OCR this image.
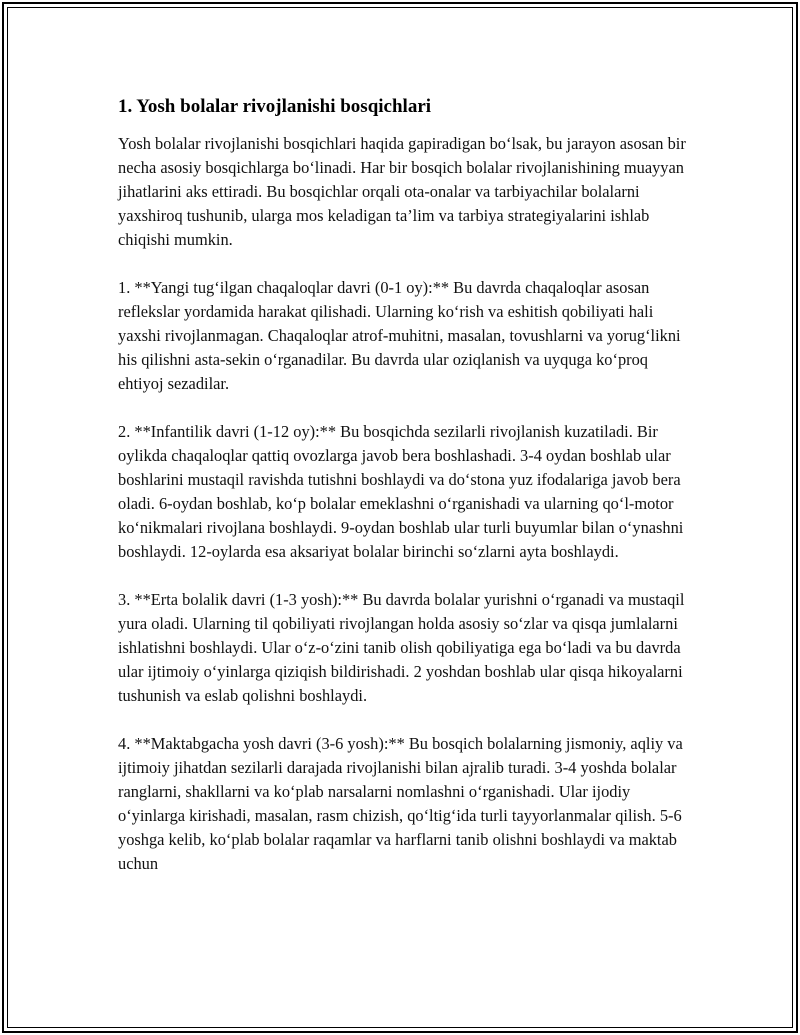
1. Yosh bolalar rivojlanishi bosqichlari

Yosh bolalar rivojlanishi bosqichlari haqida gapiradigan bo‘lsak, bu jarayon asosan bir necha asosiy bosqichlarga bo‘linadi. Har bir bosqich bolalar rivojlanishining muayyan jihatlarini aks ettiradi. Bu bosqichlar orqali ota-onalar va tarbiyachilar bolalarni yaxshiroq tushunib, ularga mos keladigan ta’lim va tarbiya strategiyalarini ishlab chiqishi mumkin.

1. **Yangi tug‘ilgan chaqaloqlar davri (0-1 oy):** Bu davrda chaqaloqlar asosan reflekslar yordamida harakat qilishadi. Ularning ko‘rish va eshitish qobiliyati hali yaxshi rivojlanmagan. Chaqaloqlar atrof-muhitni, masalan, tovushlarni va yorug‘likni his qilishni asta-sekin o‘rganadilar. Bu davrda ular oziqlanish va uyquga ko‘proq ehtiyoj sezadilar.

2. **Infantilik davri (1-12 oy):** Bu bosqichda sezilarli rivojlanish kuzatiladi. Bir oylikda chaqaloqlar qattiq ovozlarga javob bera boshlashadi. 3-4 oydan boshlab ular boshlarini mustaqil ravishda tutishni boshlaydi va do‘stona yuz ifodalariga javob bera oladi. 6-oydan boshlab, ko‘p bolalar emeklashni o‘rganishadi va ularning qo‘l-motor ko‘nikmalari rivojlana boshlaydi. 9-oydan boshlab ular turli buyumlar bilan o‘ynashni boshlaydi. 12-oylarda esa aksariyat bolalar birinchi so‘zlarni ayta boshlaydi.

3. **Erta bolalik davri (1-3 yosh):** Bu davrda bolalar yurishni o‘rganadi va mustaqil yura oladi. Ularning til qobiliyati rivojlangan holda asosiy so‘zlar va qisqa jumlalarni ishlatishni boshlaydi. Ular o‘z-o‘zini tanib olish qobiliyatiga ega bo‘ladi va bu davrda ular ijtimoiy o‘yinlarga qiziqish bildirishadi. 2 yoshdan boshlab ular qisqa hikoyalarni tushunish va eslab qolishni boshlaydi.

4. **Maktabgacha yosh davri (3-6 yosh):** Bu bosqich bolalarning jismoniy, aqliy va ijtimoiy jihatdan sezilarli darajada rivojlanishi bilan ajralib turadi. 3-4 yoshda bolalar ranglarni, shakllarni va ko‘plab narsalarni nomlashni o‘rganishadi. Ular ijodiy o‘yinlarga kirishadi, masalan, rasm chizish, qo‘ltig‘ida turli tayyorlanmalar qilish. 5-6 yoshga kelib, ko‘plab bolalar raqamlar va harflarni tanib olishni boshlaydi va maktab uchun
